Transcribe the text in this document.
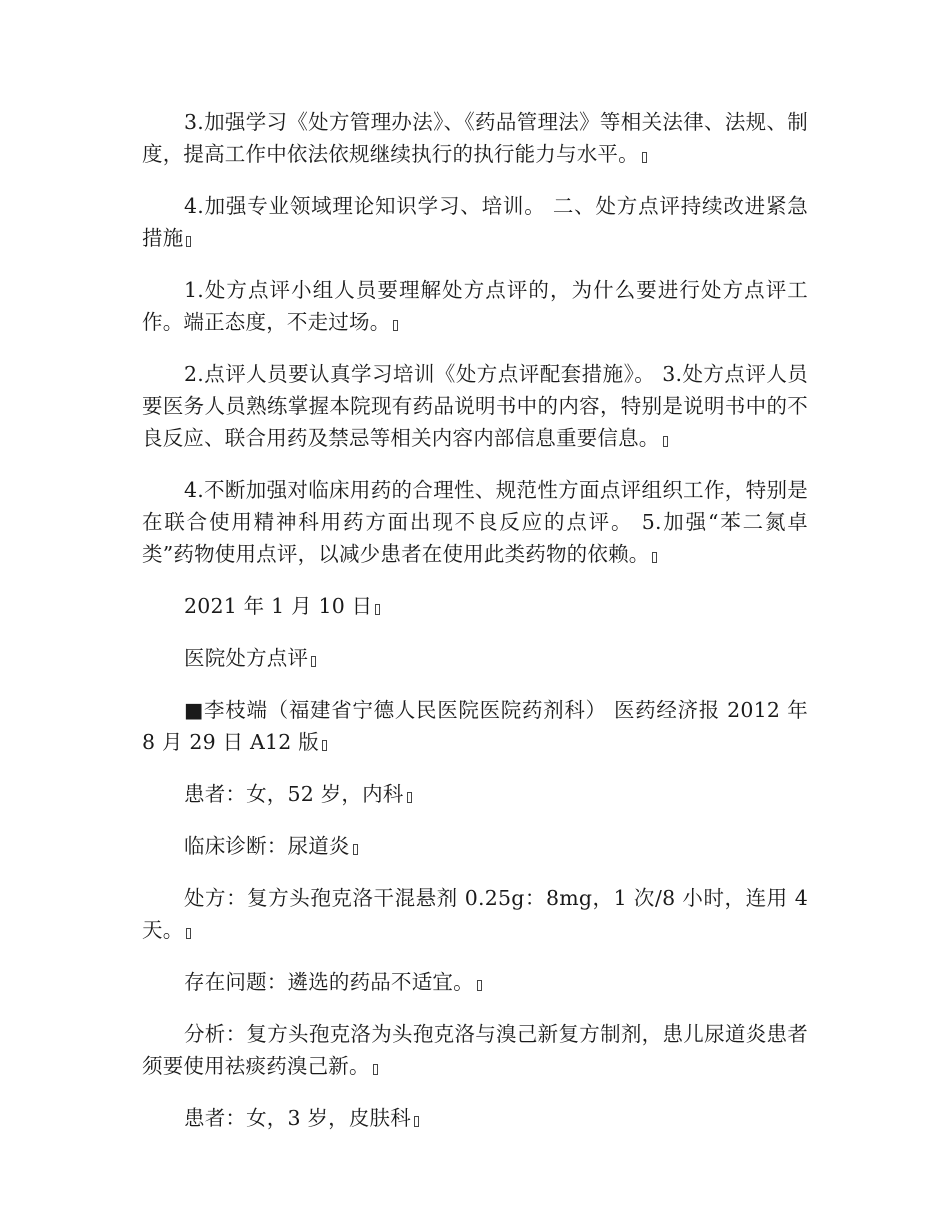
3.加强学习《处方管理办法》、《药品管理法》等相关法律、法规、制度，提高工作中依法依规继续执行的执行能力与水平。

4.加强专业领域理论知识学习、培训。 二、处方点评持续改进紧急措施

1.处方点评小组人员要理解处方点评的，为什么要进行处方点评工作。端正态度，不走过场。

2.点评人员要认真学习培训《处方点评配套措施》。 3.处方点评人员要医务人员熟练掌握本院现有药品说明书中的内容，特别是说明书中的不良反应、联合用药及禁忌等相关内容内部信息重要信息。

4.不断加强对临床用药的合理性、规范性方面点评组织工作，特别是在联合使用精神科用药方面出现不良反应的点评。 5.加强“苯二氮卓类”药物使用点评，以减少患者在使用此类药物的依赖。

2021 年 1 月 10 日

医院处方点评

■李枝端（福建省宁德人民医院医院药剂科） 医药经济报 2012 年 8 月 29 日 A12 版

患者：女，52 岁，内科

临床诊断：尿道炎

处方：复方头孢克洛干混悬剂 0.25g：8mg，1 次/8 小时，连用 4 天。

存在问题：遴选的药品不适宜。

分析：复方头孢克洛为头孢克洛与溴己新复方制剂，患儿尿道炎患者须要使用祛痰药溴己新。

患者：女，3 岁，皮肤科
